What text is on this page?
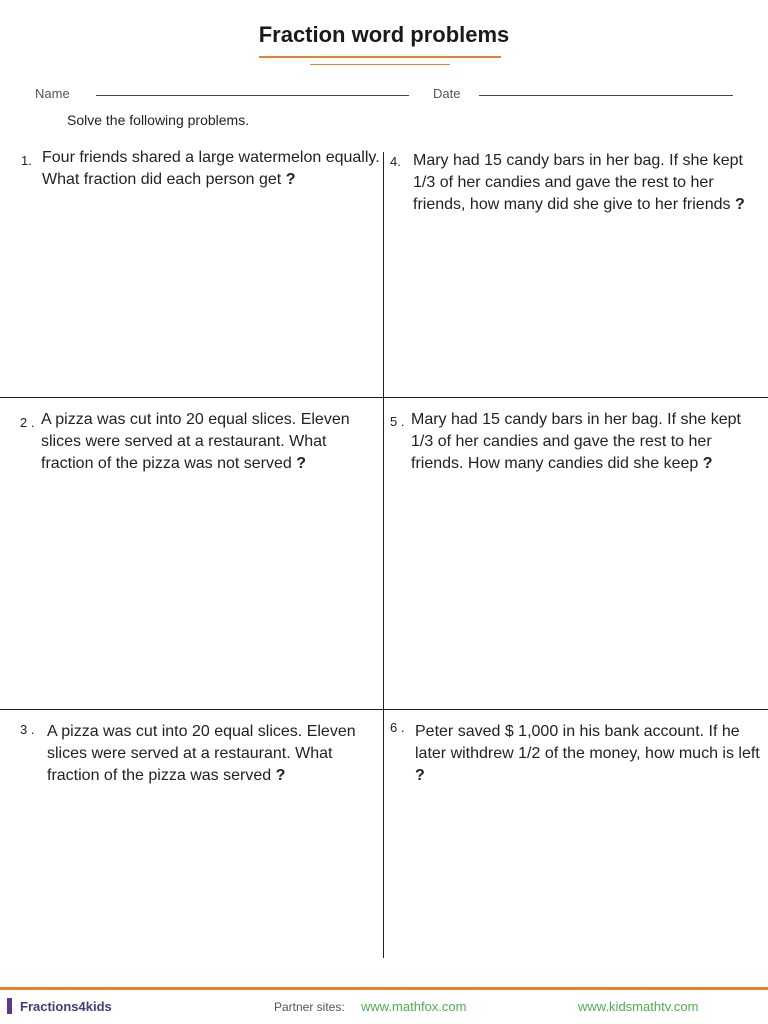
Fraction word problems
Name	Date
Solve the following problems.
1. Four friends shared a large watermelon equally. What fraction did each person get ?
2 . A pizza was cut into 20 equal slices. Eleven slices were served at a restaurant. What fraction of the pizza was not served ?
3 . A pizza was cut into 20 equal slices. Eleven slices were served at a restaurant. What fraction of the pizza was served ?
4. Mary had 15 candy bars in her bag. If she kept 1/3 of her candies and gave the rest to her friends, how many did she give to her friends ?
5 . Mary had 15 candy bars in her bag. If she kept 1/3 of her candies and gave the rest to her friends. How many candies did she keep ?
6 . Peter saved $ 1,000 in his bank account. If he later withdrew 1/2 of the money, how much is left ?
Fractions4kids	Partner sites: www.mathfox.com	www.kidsmathtv.com
